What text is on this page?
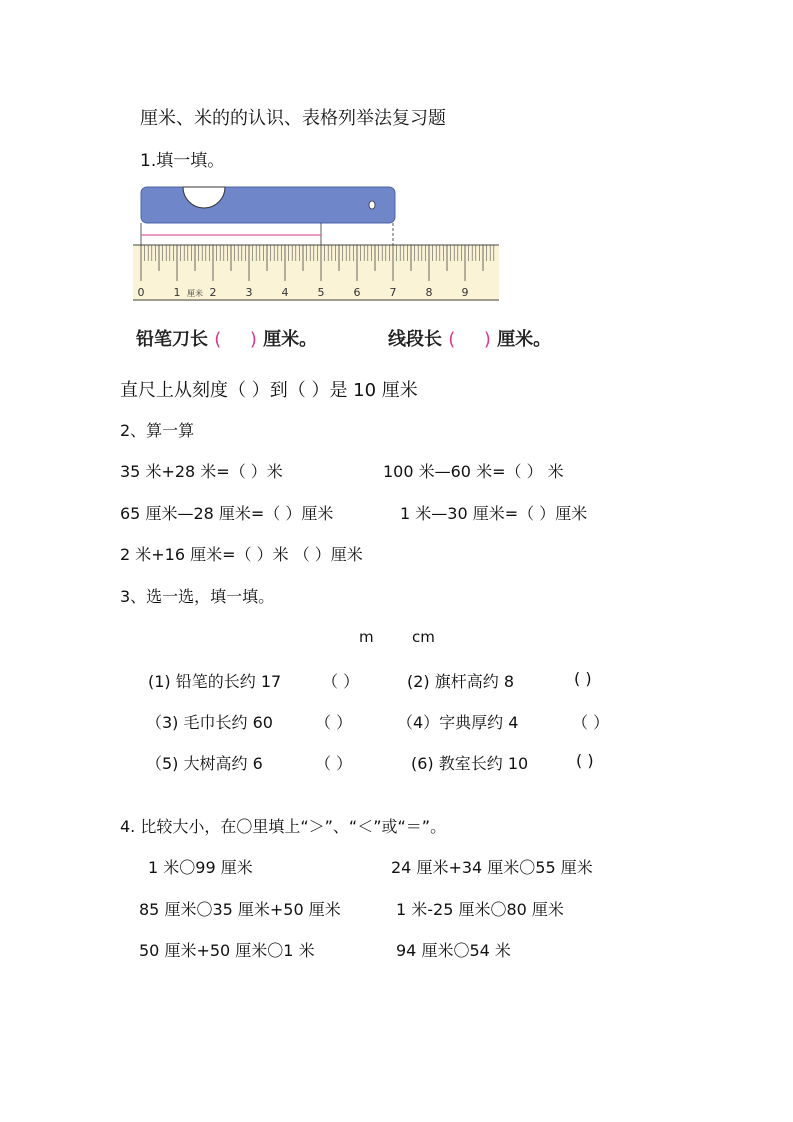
厘米、米的的认识、表格列举法复习题
1.填一填。
0	1	2	3	4	5	6	7	8	9
厘米
铅笔刀长 ( ) 厘米。	线段长 ( ) 厘米。
直尺上从刻度（ ）到（ ）是 10 厘米
2、算一算
35 米+28 米=（ ）米	100 米—60 米=（ ） 米
65 厘米—28 厘米=（ ）厘米	1 米—30 厘米=（ ）厘米
2 米+16 厘米=（ ）米 （ ）厘米
3、选一选，填一填。
m	cm
(1) 铅笔的长约 17	（ ）	(2) 旗杆高约 8	( )
（3) 毛巾长约 60	（ ）	（4）字典厚约 4	（ ）
（5) 大树高约 6	（ ）	(6) 教室长约 10	( )
4. 比较大小，在〇里填上“＞”、“＜”或“＝”。
1 米〇99 厘米	24 厘米+34 厘米〇55 厘米
85 厘米〇35 厘米+50 厘米	1 米-25 厘米〇80 厘米
50 厘米+50 厘米〇1 米	94 厘米〇54 米
